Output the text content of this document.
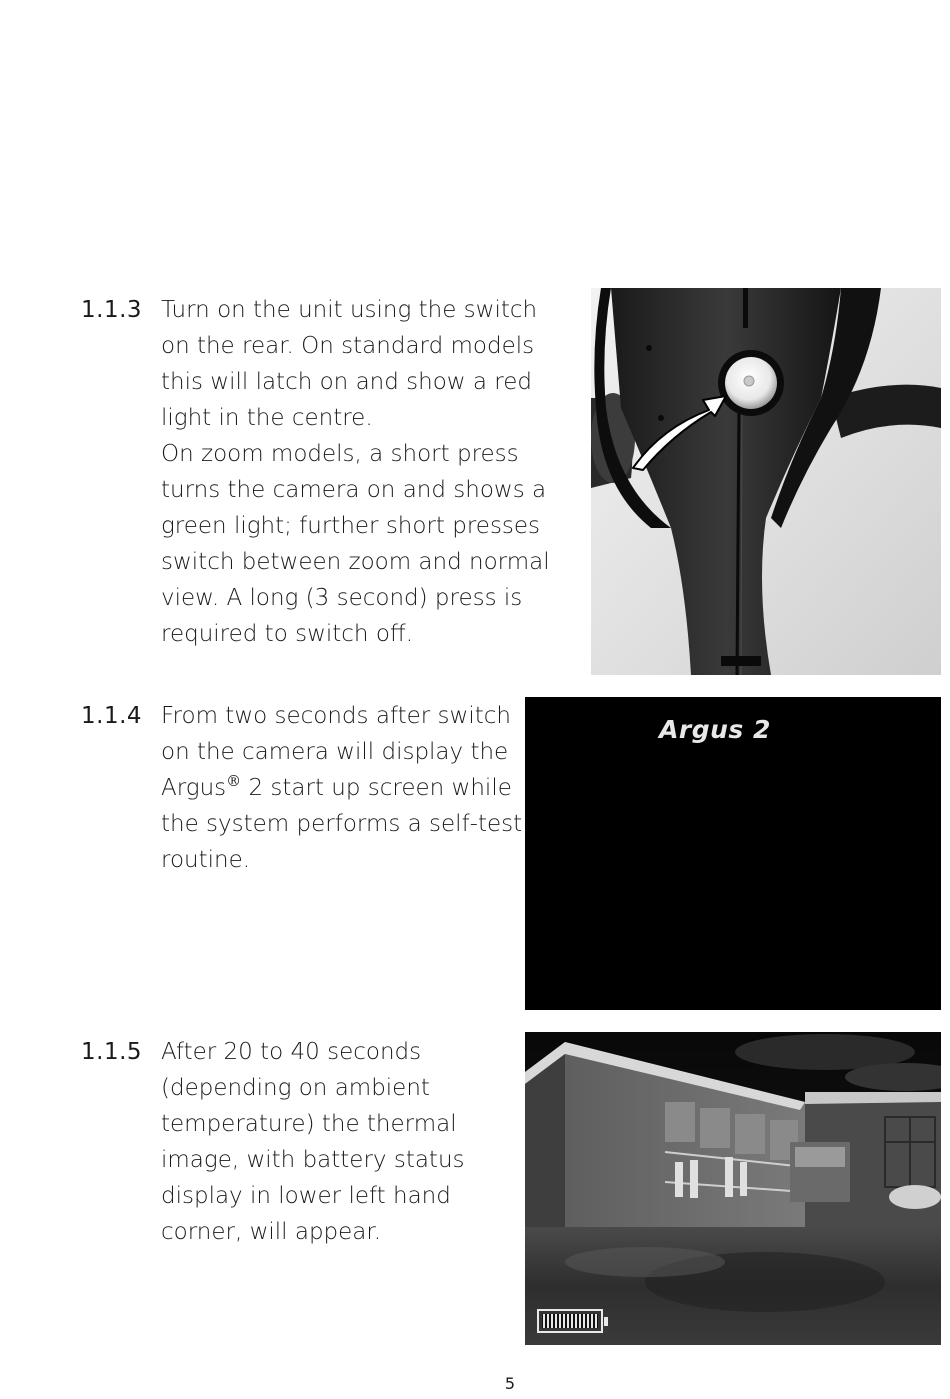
1.1.3 Turn on the unit using the switch
on the rear. On standard models
this will latch on and show a red
light in the centre.
On zoom models, a short press
turns the camera on and shows a
green light; further short presses
switch between zoom and normal
view. A long (3 second) press is
required to switch off.
1.1.4 From two seconds after switch
on the camera will display the
Argus® 2 start up screen while
the system performs a self-test
routine.
Argus 2
1.1.5 After 20 to 40 seconds
(depending on ambient
temperature) the thermal
image, with battery status
display in lower left hand
corner, will appear.
5
